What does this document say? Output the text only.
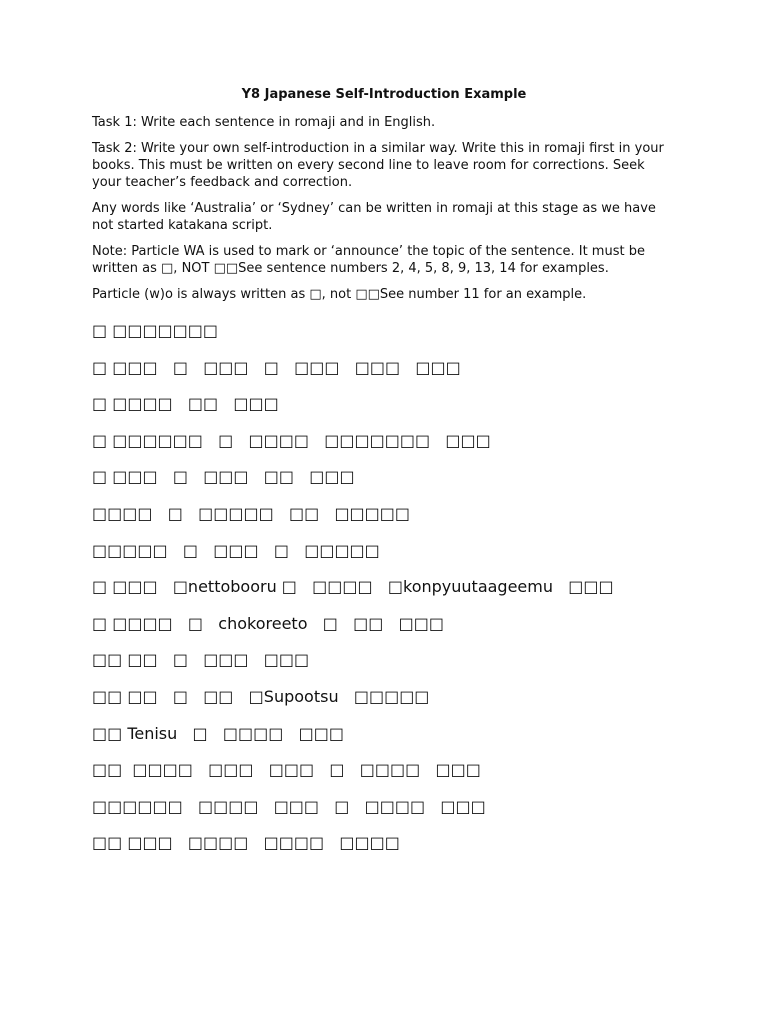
Y8 Japanese Self-Introduction Example

Task 1: Write each sentence in romaji and in English.

Task 2: Write your own self-introduction in a similar way. Write this in romaji first in your books. This must be written on every second line to leave room for corrections. Seek your teacher’s feedback and correction.

Any words like ‘Australia’ or ‘Sydney’ can be written in romaji at this stage as we have not started katakana script.

Note: Particle WA is used to mark or ‘announce’ the topic of the sentence. It must be written as □, NOT □□See sentence numbers 2, 4, 5, 8, 9, 13, 14 for examples.

Particle (w)o is always written as □, not □□See number 11 for an example.

□ □□□□□□□
□ □□□   □   □□□   □   □□□   □□□   □□□
□ □□□□   □□   □□□
□ □□□□□□   □   □□□□   □□□□□□□   □□□
□ □□□   □   □□□   □□   □□□
□□□□   □   □□□□□   □□   □□□□□
□□□□□   □   □□□   □   □□□□□
□ □□□   □nettobooru □   □□□□   □konpyuutaageemu   □□□
□ □□□□   □   chokoreeto   □   □□   □□□
□□ □□   □   □□□   □□□
□□ □□   □   □□   □Supootsu   □□□□□
□□ Tenisu   □   □□□□   □□□
□□  □□□□   □□□   □□□   □   □□□□   □□□
□□□□□□   □□□□   □□□   □   □□□□   □□□
□□ □□□   □□□□   □□□□   □□□□
